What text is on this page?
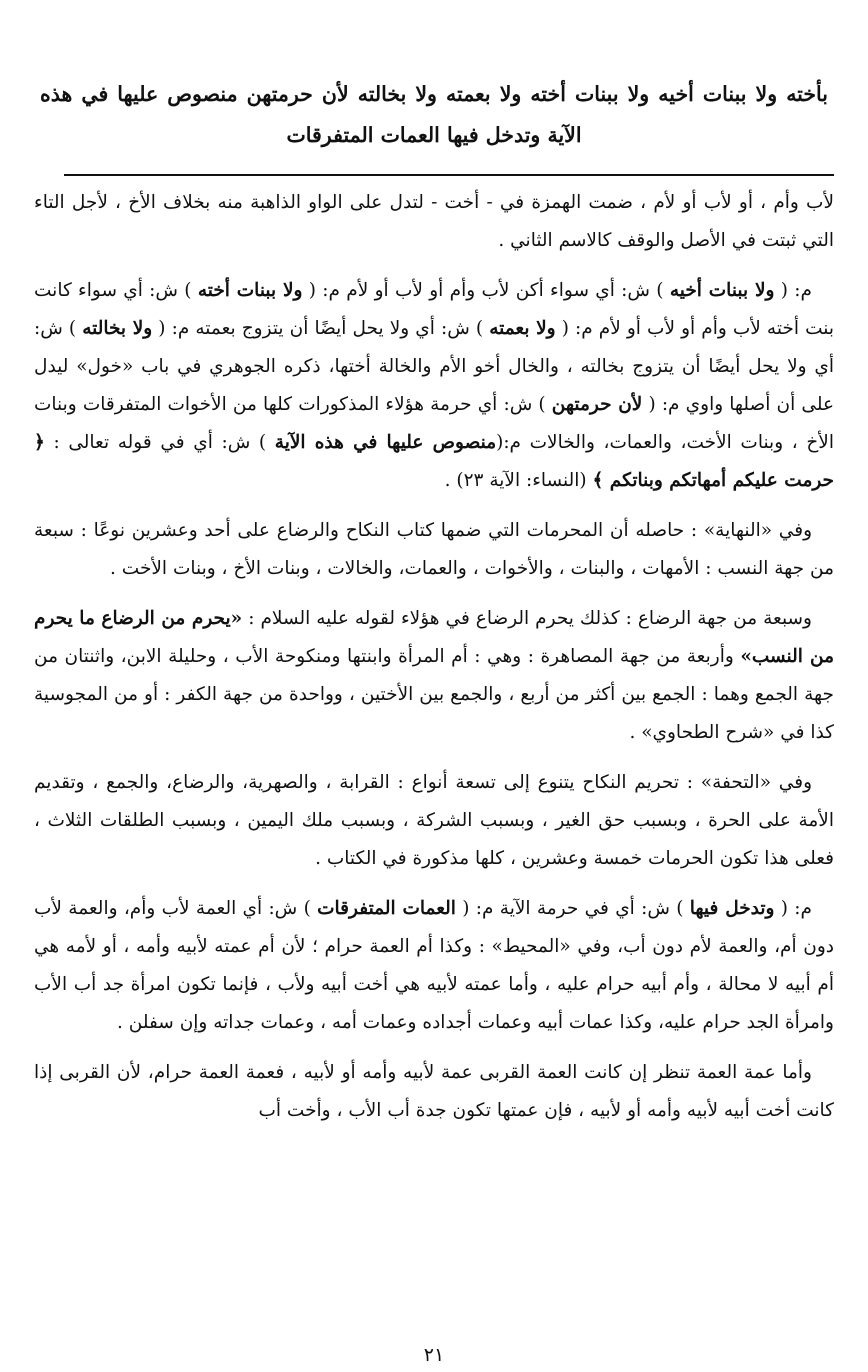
بأخته ولا ببنات أخيه ولا ببنات أخته ولا بعمته ولا بخالته لأن حرمتهن منصوص عليها في هذه الآية وتدخل فيها العمات المتفرقات

لأب وأم ، أو لأب أو لأم ، ضمت الهمزة في - أخت - لتدل على الواو الذاهبة منه بخلاف الأخ ، لأجل التاء التي ثبتت في الأصل والوقف كالاسم الثاني .

م: ( ولا ببنات أخيه ) ش: أي سواء أكن لأب وأم أو لأب أو لأم م: ( ولا ببنات أخته ) ش: أي سواء كانت بنت أخته لأب وأم أو لأب أو لأم م: ( ولا بعمته ) ش: أي ولا يحل أيضًا أن يتزوج بعمته م: ( ولا بخالته ) ش: أي ولا يحل أيضًا أن يتزوج بخالته ، والخال أخو الأم والخالة أختها، ذكره الجوهري في باب «خول» ليدل على أن أصلها واوي م: ( لأن حرمتهن ) ش: أي حرمة هؤلاء المذكورات كلها من الأخوات المتفرقات وبنات الأخ ، وبنات الأخت، والعمات، والخالات م:(منصوص عليها في هذه الآية ) ش: أي في قوله تعالى : ﴿ حرمت عليكم أمهاتكم وبناتكم ﴾ (النساء: الآية ٢٣) .

وفي «النهاية» : حاصله أن المحرمات التي ضمها كتاب النكاح والرضاع على أحد وعشرين نوعًا : سبعة من جهة النسب : الأمهات ، والبنات ، والأخوات ، والعمات، والخالات ، وبنات الأخ ، وبنات الأخت .

وسبعة من جهة الرضاع : كذلك يحرم الرضاع في هؤلاء لقوله عليه السلام : «يحرم من الرضاع ما يحرم من النسب» وأربعة من جهة المصاهرة : وهي : أم المرأة وابنتها ومنكوحة الأب ، وحليلة الابن، واثنتان من جهة الجمع وهما : الجمع بين أكثر من أربع ، والجمع بين الأختين ، وواحدة من جهة الكفر : أو من المجوسية كذا في «شرح الطحاوي» .

وفي «التحفة» : تحريم النكاح يتنوع إلى تسعة أنواع : القرابة ، والصهرية، والرضاع، والجمع ، وتقديم الأمة على الحرة ، وبسبب حق الغير ، وبسبب الشركة ، وبسبب ملك اليمين ، وبسبب الطلقات الثلاث ، فعلى هذا تكون الحرمات خمسة وعشرين ، كلها مذكورة في الكتاب .

م: ( وتدخل فيها ) ش: أي في حرمة الآية م: ( العمات المتفرقات ) ش: أي العمة لأب وأم، والعمة لأب دون أم، والعمة لأم دون أب، وفي «المحيط» : وكذا أم العمة حرام ؛ لأن أم عمته لأبيه وأمه ، أو لأمه هي أم أبيه لا محالة ، وأم أبيه حرام عليه ، وأما عمته لأبيه هي أخت أبيه ولأب ، فإنما تكون امرأة جد أب الأب وامرأة الجد حرام عليه، وكذا عمات أبيه وعمات أجداده وعمات أمه ، وعمات جداته وإن سفلن .

وأما عمة العمة تنظر إن كانت العمة القربى عمة لأبيه وأمه أو لأبيه ، فعمة العمة حرام، لأن القربى إذا كانت أخت أبيه لأبيه وأمه أو لأبيه ، فإن عمتها تكون جدة أب الأب ، وأخت أب

٢١
